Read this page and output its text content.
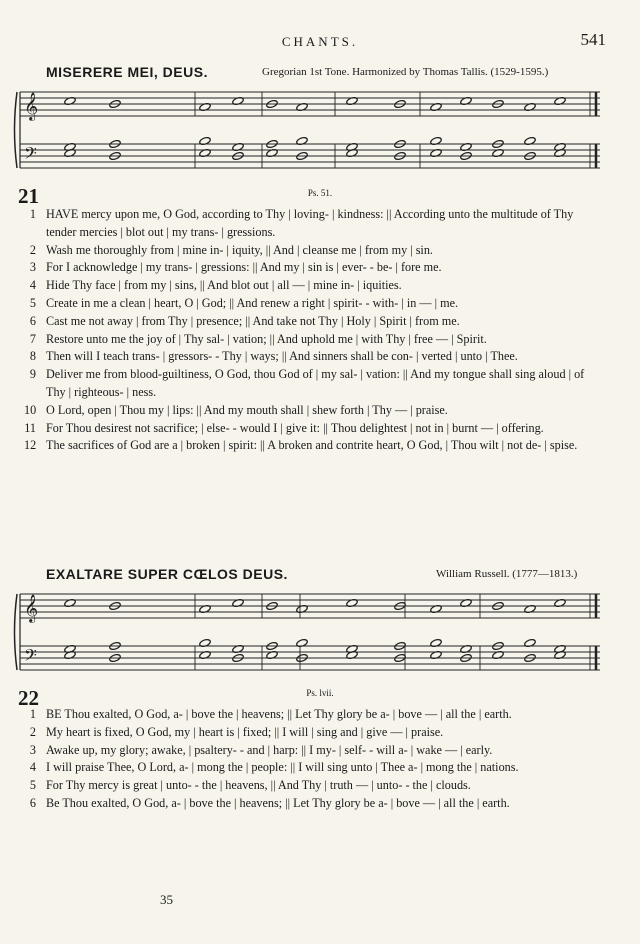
CHANTS.	541
MISERERE MEI, DEUS.	Gregorian 1st Tone. Harmonized by Thomas Tallis. (1529-1595.)
𝄞
𝄢
𝄞
𝄢
21	Ps. 51.
1 HAVE mercy upon me, O God, according to Thy | loving- | kindness: || According unto the multitude of Thy tender mercies | blot out | my trans- | gressions.
2 Wash me thoroughly from | mine in- | iquity, || And | cleanse me | from my | sin.
3 For I acknowledge | my trans- | gressions: || And my | sin is | ever- - be- | fore me.
4 Hide Thy face | from my | sins, || And blot out | all — | mine in- | iquities.
5 Create in me a clean | heart, O | God; || And renew a right | spirit- - with- | in — | me.
6 Cast me not away | from Thy | presence; || And take not Thy | Holy | Spirit | from me.
7 Restore unto me the joy of | Thy sal- | vation; || And uphold me | with Thy | free — | Spirit.
8 Then will I teach trans- | gressors- - Thy | ways; || And sinners shall be con- | verted | unto | Thee.
9 Deliver me from blood-guiltiness, O God, thou God of | my sal- | vation: || And my tongue shall sing aloud | of Thy | righteous- | ness.
10 O Lord, open | Thou my | lips: || And my mouth shall | shew forth | Thy — | praise.
11 For Thou desirest not sacrifice; | else- - would I | give it: || Thou delightest | not in | burnt — | offering.
12 The sacrifices of God are a | broken | spirit: || A broken and contrite heart, O God, | Thou wilt | not de- | spise.
EXALTARE SUPER CŒLOS DEUS.	William Russell. (1777—1813.)
22	Ps. lvii.
1 BE Thou exalted, O God, a- | bove the | heavens; || Let Thy glory be a- | bove — | all the | earth.
2 My heart is fixed, O God, my | heart is | fixed; || I will | sing and | give — | praise.
3 Awake up, my glory; awake, | psaltery- - and | harp: || I my- | self- - will a- | wake — | early.
4 I will praise Thee, O Lord, a- | mong the | people: || I will sing unto | Thee a- | mong the | nations.
5 For Thy mercy is great | unto- - the | heavens, || And Thy | truth — | unto- - the | clouds.
6 Be Thou exalted, O God, a- | bove the | heavens; || Let Thy glory be a- | bove — | all the | earth.
35
